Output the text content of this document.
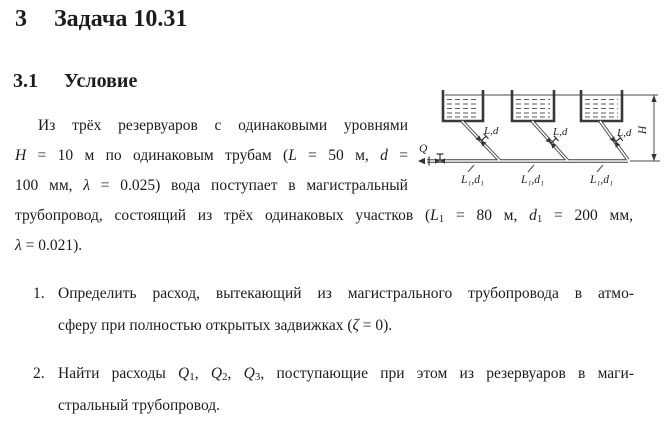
3 Задача 10.31
3.1 Условие
Из трёх резервуаров с одинаковыми уровнями
H = 10 м по одинаковым трубам (L = 50 м, d =
100 мм, λ = 0.025) вода поступает в магистральный
трубопровод, состоящий из трёх одинаковых участков (L1 = 80 м, d1 = 200 мм,
λ = 0.021).
1. Определить расход, вытекающий из магистрального трубопровода в атмо-
сферу при полностью открытых задвижках (ζ = 0).
2. Найти расходы Q1, Q2, Q3, поступающие при этом из резервуаров в маги-
стральный трубопровод.
Q
L,d	L,d	L,d
L₁,d₁	L₁,d₁	L₁,d₁
H
